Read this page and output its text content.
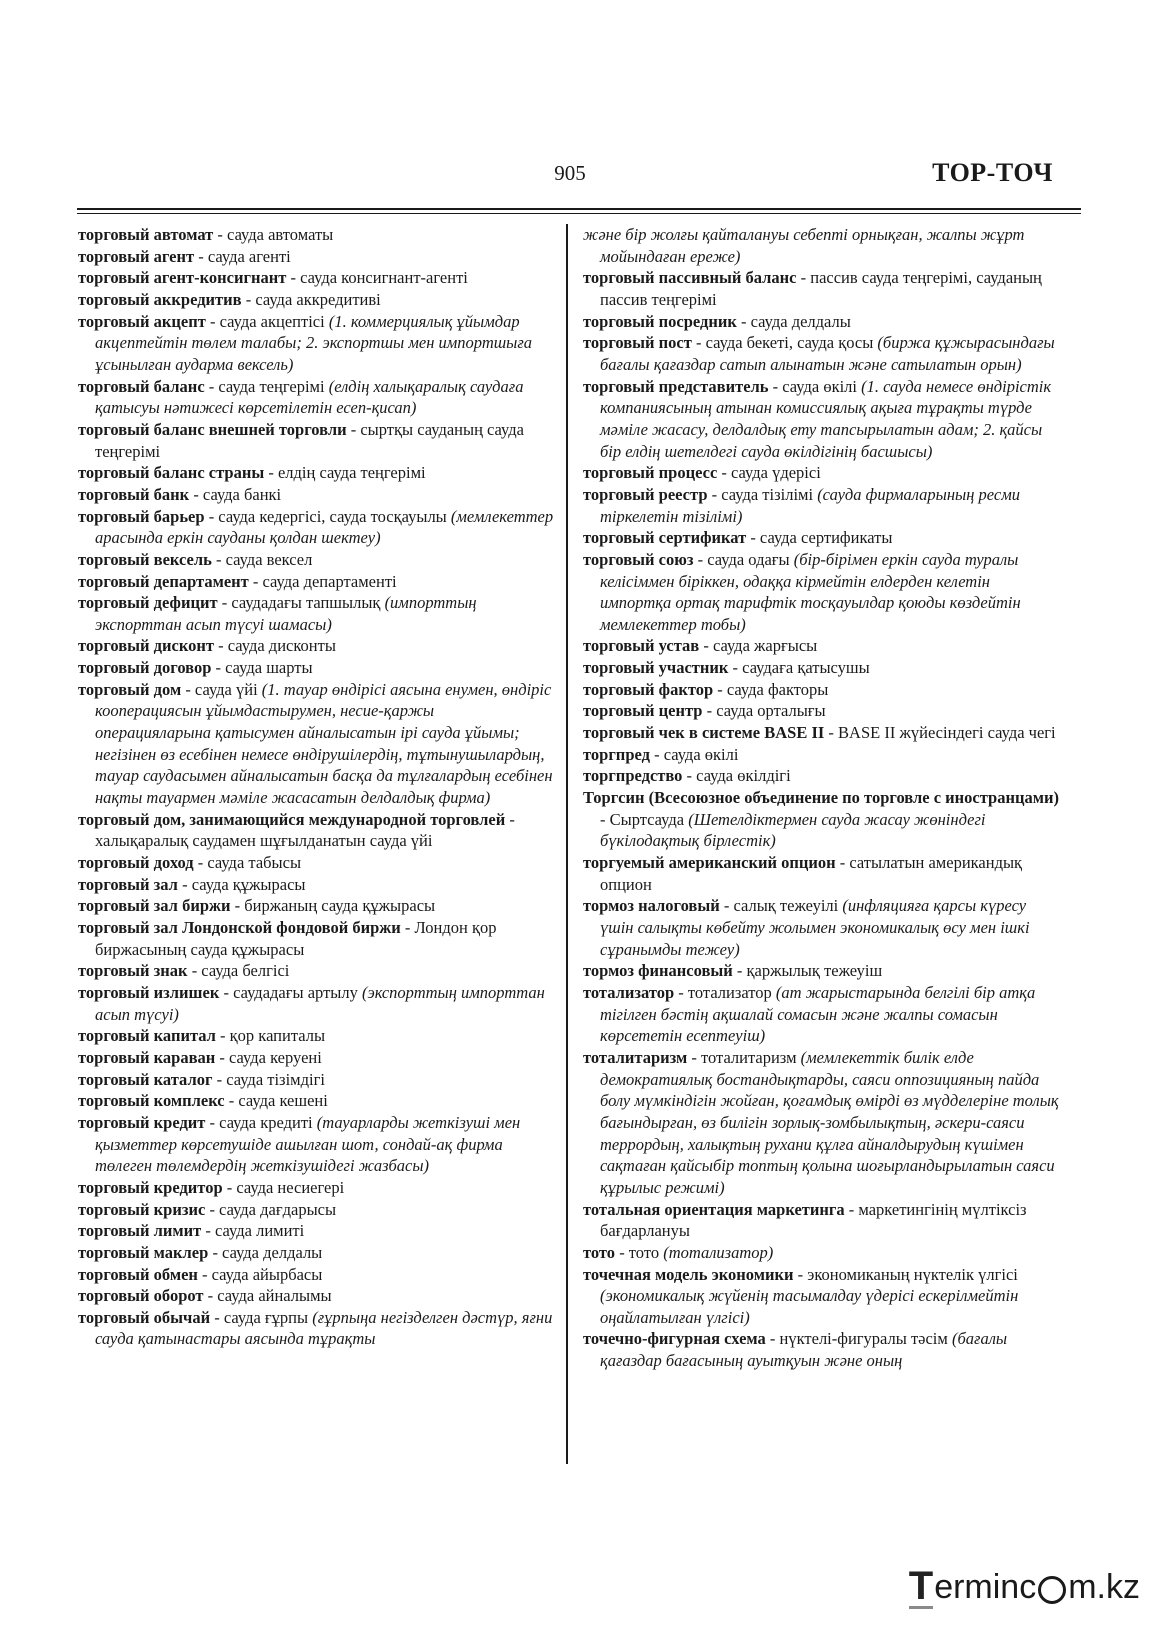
905	ТОР-ТОЧ
торговый автомат - сауда автоматы
торговый агент - сауда агенті
торговый агент-консигнант - сауда консигнант-агенті
торговый аккредитив - сауда аккредитиві
торговый акцепт - сауда акцептісі (1. коммерциялық ұйымдар акцептейтін төлем талабы; 2. экспортшы мен импортшыға ұсынылған аударма вексель)
торговый баланс - сауда теңгерімі (елдің халықаралық саудаға қатысуы нәтижесі көрсетілетін есеп-қисап)
торговый баланс внешней торговли - сыртқы сауданың сауда теңгерімі
торговый баланс страны - елдің сауда теңгерімі
торговый банк - сауда банкі
торговый барьер - сауда кедергісі, сауда тосқауылы (мемлекеттер арасында еркін сауданы қолдан шектеу)
торговый вексель - сауда вексел
торговый департамент - сауда департаменті
торговый дефицит - саудадағы тапшылық (импорттың экспорттан асып түсуі шамасы)
торговый дисконт - сауда дисконты
торговый договор - сауда шарты
торговый дом - сауда үйі (1. тауар өндірісі аясына енумен, өндіріс кооперациясын ұйымдастырумен, несие-қаржы операцияларына қатысумен айналысатын ірі сауда ұйымы; негізінен өз есебінен немесе өндірушілердің, тұтынушылардың, тауар саудасымен айналысатын басқа да тұлғалардың есебінен нақты тауармен мәміле жасасатын делдалдық фирма)
торговый дом, занимающийся международной торговлей - халықаралық саудамен шұғылданатын сауда үйі
торговый доход - сауда табысы
торговый зал - сауда құжырасы
торговый зал биржи - биржаның сауда құжырасы
торговый зал Лондонской фондовой биржи - Лондон қор биржасының сауда құжырасы
торговый знак - сауда белгісі
торговый излишек - саудадағы артылу (экспорттың импорттан асып түсуі)
торговый капитал - қор капиталы
торговый караван - сауда керуені
торговый каталог - сауда тізімдігі
торговый комплекс - сауда кешені
торговый кредит - сауда кредиті (тауарларды жеткізуші мен қызметтер көрсетушіде ашылған шот, сондай-ақ фирма төлеген төлемдердің жеткізушідегі жазбасы)
торговый кредитор - сауда несиегері
торговый кризис - сауда дағдарысы
торговый лимит - сауда лимиті
торговый маклер - сауда делдалы
торговый обмен - сауда айырбасы
торговый оборот - сауда айналымы
торговый обычай - сауда ғұрпы (ғұрпыңа негізделген дәстүр, яғни сауда қатынастары аясында тұрақты
және бір жолғы қайталануы себепті орнықған, жалпы жұрт мойындаған ереже)
торговый пассивный баланс - пассив сауда теңгерімі, сауданың пассив теңгерімі
торговый посредник - сауда делдалы
торговый пост - сауда бекеті, сауда қосы (биржа құжырасындағы бағалы қағаздар сатып алынатын және сатылатын орын)
торговый представитель - сауда өкілі (1. сауда немесе өндірістік компаниясының атынан комиссиялық ақыға тұрақты түрде мәміле жасасу, делдалдық ету тапсырылатын адам; 2. қайсы бір елдің шетелдегі сауда өкілдігінің басшысы)
торговый процесс - сауда үдерісі
торговый реестр - сауда тізілімі (сауда фирмаларының ресми тіркелетін тізілімі)
торговый сертификат - сауда сертификаты
торговый союз - сауда одағы (бір-бірімен еркін сауда туралы келісіммен біріккен, одаққа кірмейтін елдерден келетін импортқа ортақ тарифтік тосқауылдар қоюды көздейтін мемлекеттер тобы)
торговый устав - сауда жарғысы
торговый участник - саудаға қатысушы
торговый фактор - сауда факторы
торговый центр - сауда орталығы
торговый чек в системе BASE II - BASE II жүйесіндегі сауда чегі
торгпред - сауда өкілі
торгпредство - сауда өкілдігі
Торгсин (Всесоюзное объединение по торговле с иностранцами) - Сыртсауда (Шетелдіктермен сауда жасау жөніндегі бүкілодақтық бірлестік)
торгуемый американский опцион - сатылатын американдық опцион
тормоз налоговый - салық тежеуілі (инфляцияға қарсы күресу үшін салықты көбейту жолымен экономикалық өсу мен ішкі сұранымды тежеу)
тормоз финансовый - қаржылық тежеуіш
тотализатор - тотализатор (ат жарыстарында белгілі бір атқа тігілген бәстің ақшалай сомасын және жалпы сомасын көрсететін есептеуіш)
тоталитаризм - тоталитаризм (мемлекеттік билік елде демократиялық бостандықтарды, саяси оппозицияның пайда болу мүмкіндігін жойған, қоғамдық өмірді өз мүдделеріне толық бағындырған, өз билігін зорлық-зомбылықтың, әскери-саяси террордың, халықтың рухани құлға айналдырудың күшімен сақтаған қайсыбір топтың қолына шоғырландырылатын саяси құрылыс режимі)
тотальная ориентация маркетинга - маркетингінің мүлтіксіз бағдарлануы
тото - тото (тотализатор)
точечная модель экономики - экономиканың нүктелік үлгісі (экономикалық жүйенің тасымалдау үдерісі ескерілмейтін оңайлатылған үлгісі)
точечно-фигурная схема - нүктелі-фигуралы тәсім (бағалы қағаздар бағасының ауытқуын және оның
T erminc m.kz
